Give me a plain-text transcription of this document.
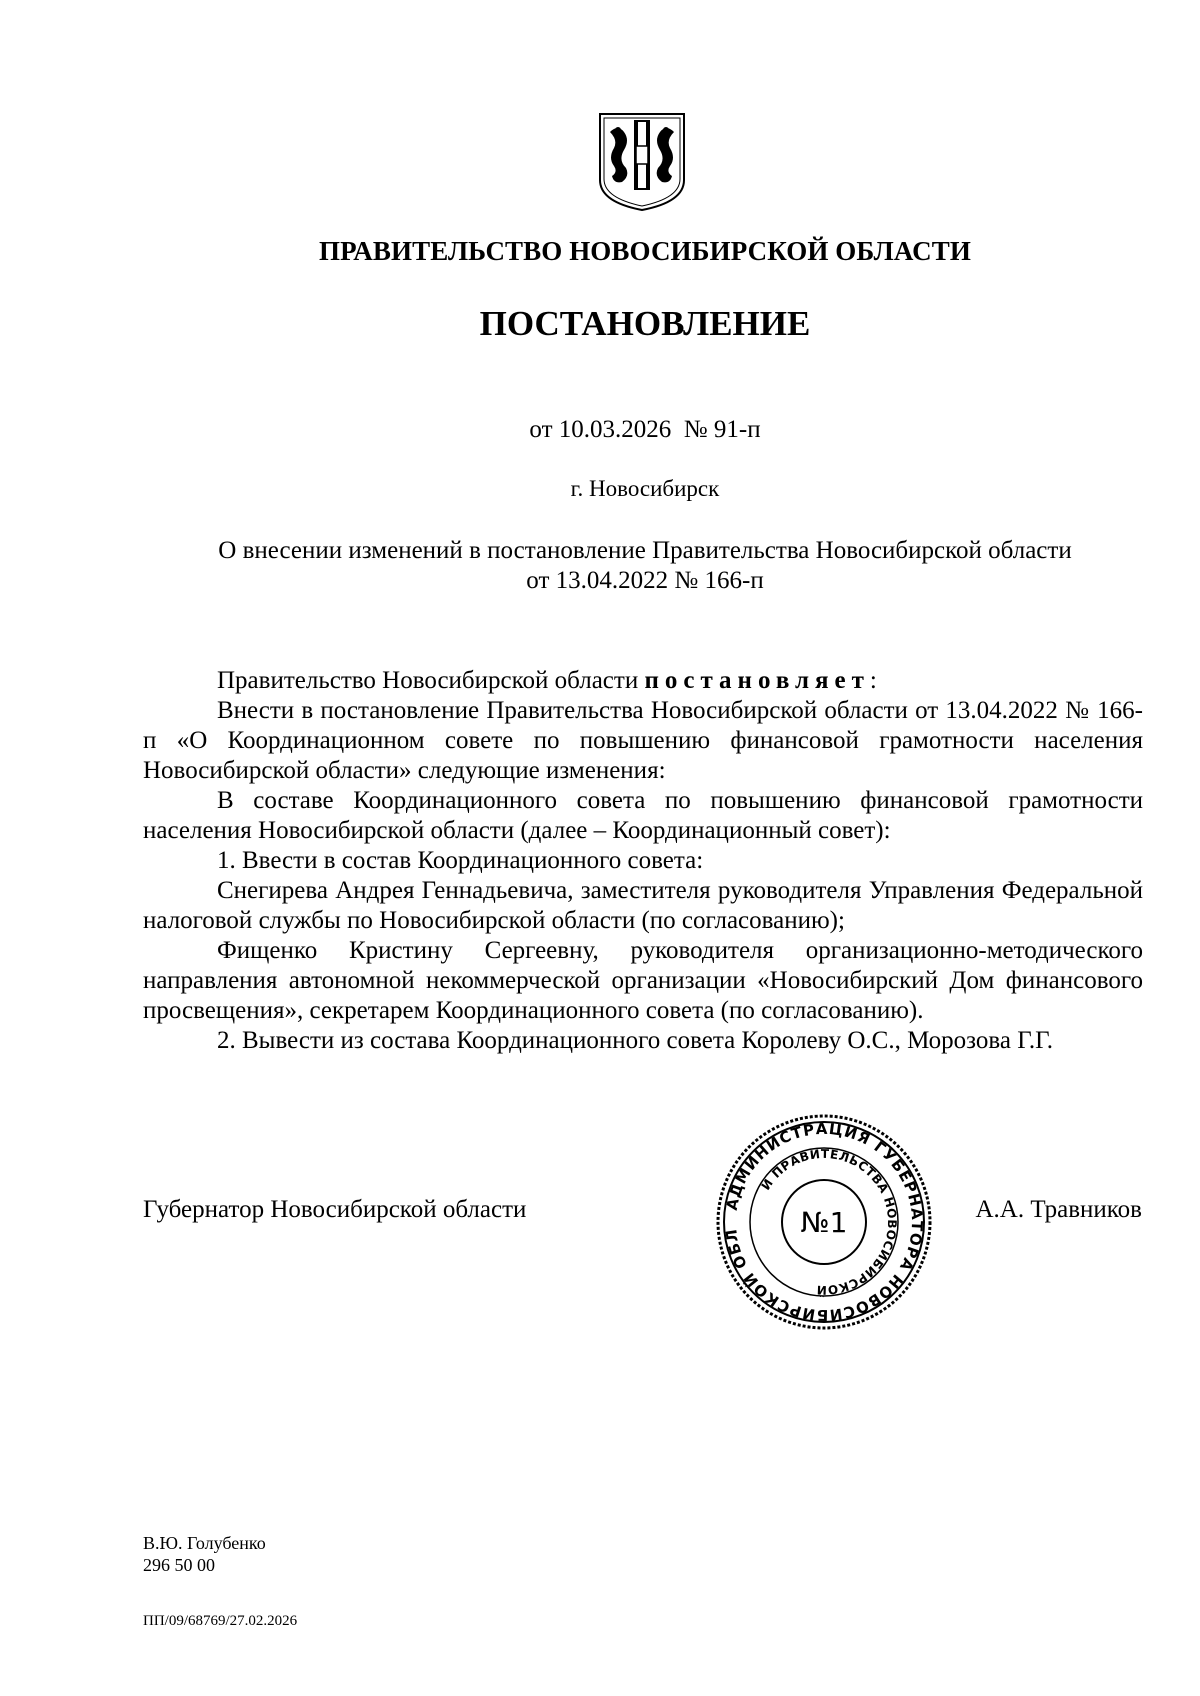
ПРАВИТЕЛЬСТВО НОВОСИБИРСКОЙ ОБЛАСТИ
ПОСТАНОВЛЕНИЕ
от 10.03.2026  № 91-п
г. Новосибирск
О внесении изменений в постановление Правительства Новосибирской области
от 13.04.2022 № 166-п

Правительство Новосибирской области постановляет:

Внести в постановление Правительства Новосибирской области от 13.04.2022 № 166-п «О Координационном совете по повышению финансовой грамотности населения Новосибирской области» следующие изменения:

В составе Координационного совета по повышению финансовой грамотности населения Новосибирской области (далее – Координационный совет):

1. Ввести в состав Координационного совета:

Снегирева Андрея Геннадьевича, заместителя руководителя Управления Федеральной налоговой службы по Новосибирской области (по согласованию);

Фищенко Кристину Сергеевну, руководителя организационно-методического направления автономной некоммерческой организации «Новосибирский Дом финансового просвещения», секретарем Координационного совета (по согласованию).

2. Вывести из состава Координационного совета Королеву О.С., Морозова Г.Г.

Губернатор Новосибирской области	А.А. Травников
АДМИНИСТРАЦИЯ ГУБЕРНАТОРА НОВОСИБИРСКОЙ ОБЛ
И ПРАВИТЕЛЬСТВА НОВОСИБИРСКОЙ
№1
В.Ю. Голубенко
296 50 00
ПП/09/68769/27.02.2026
